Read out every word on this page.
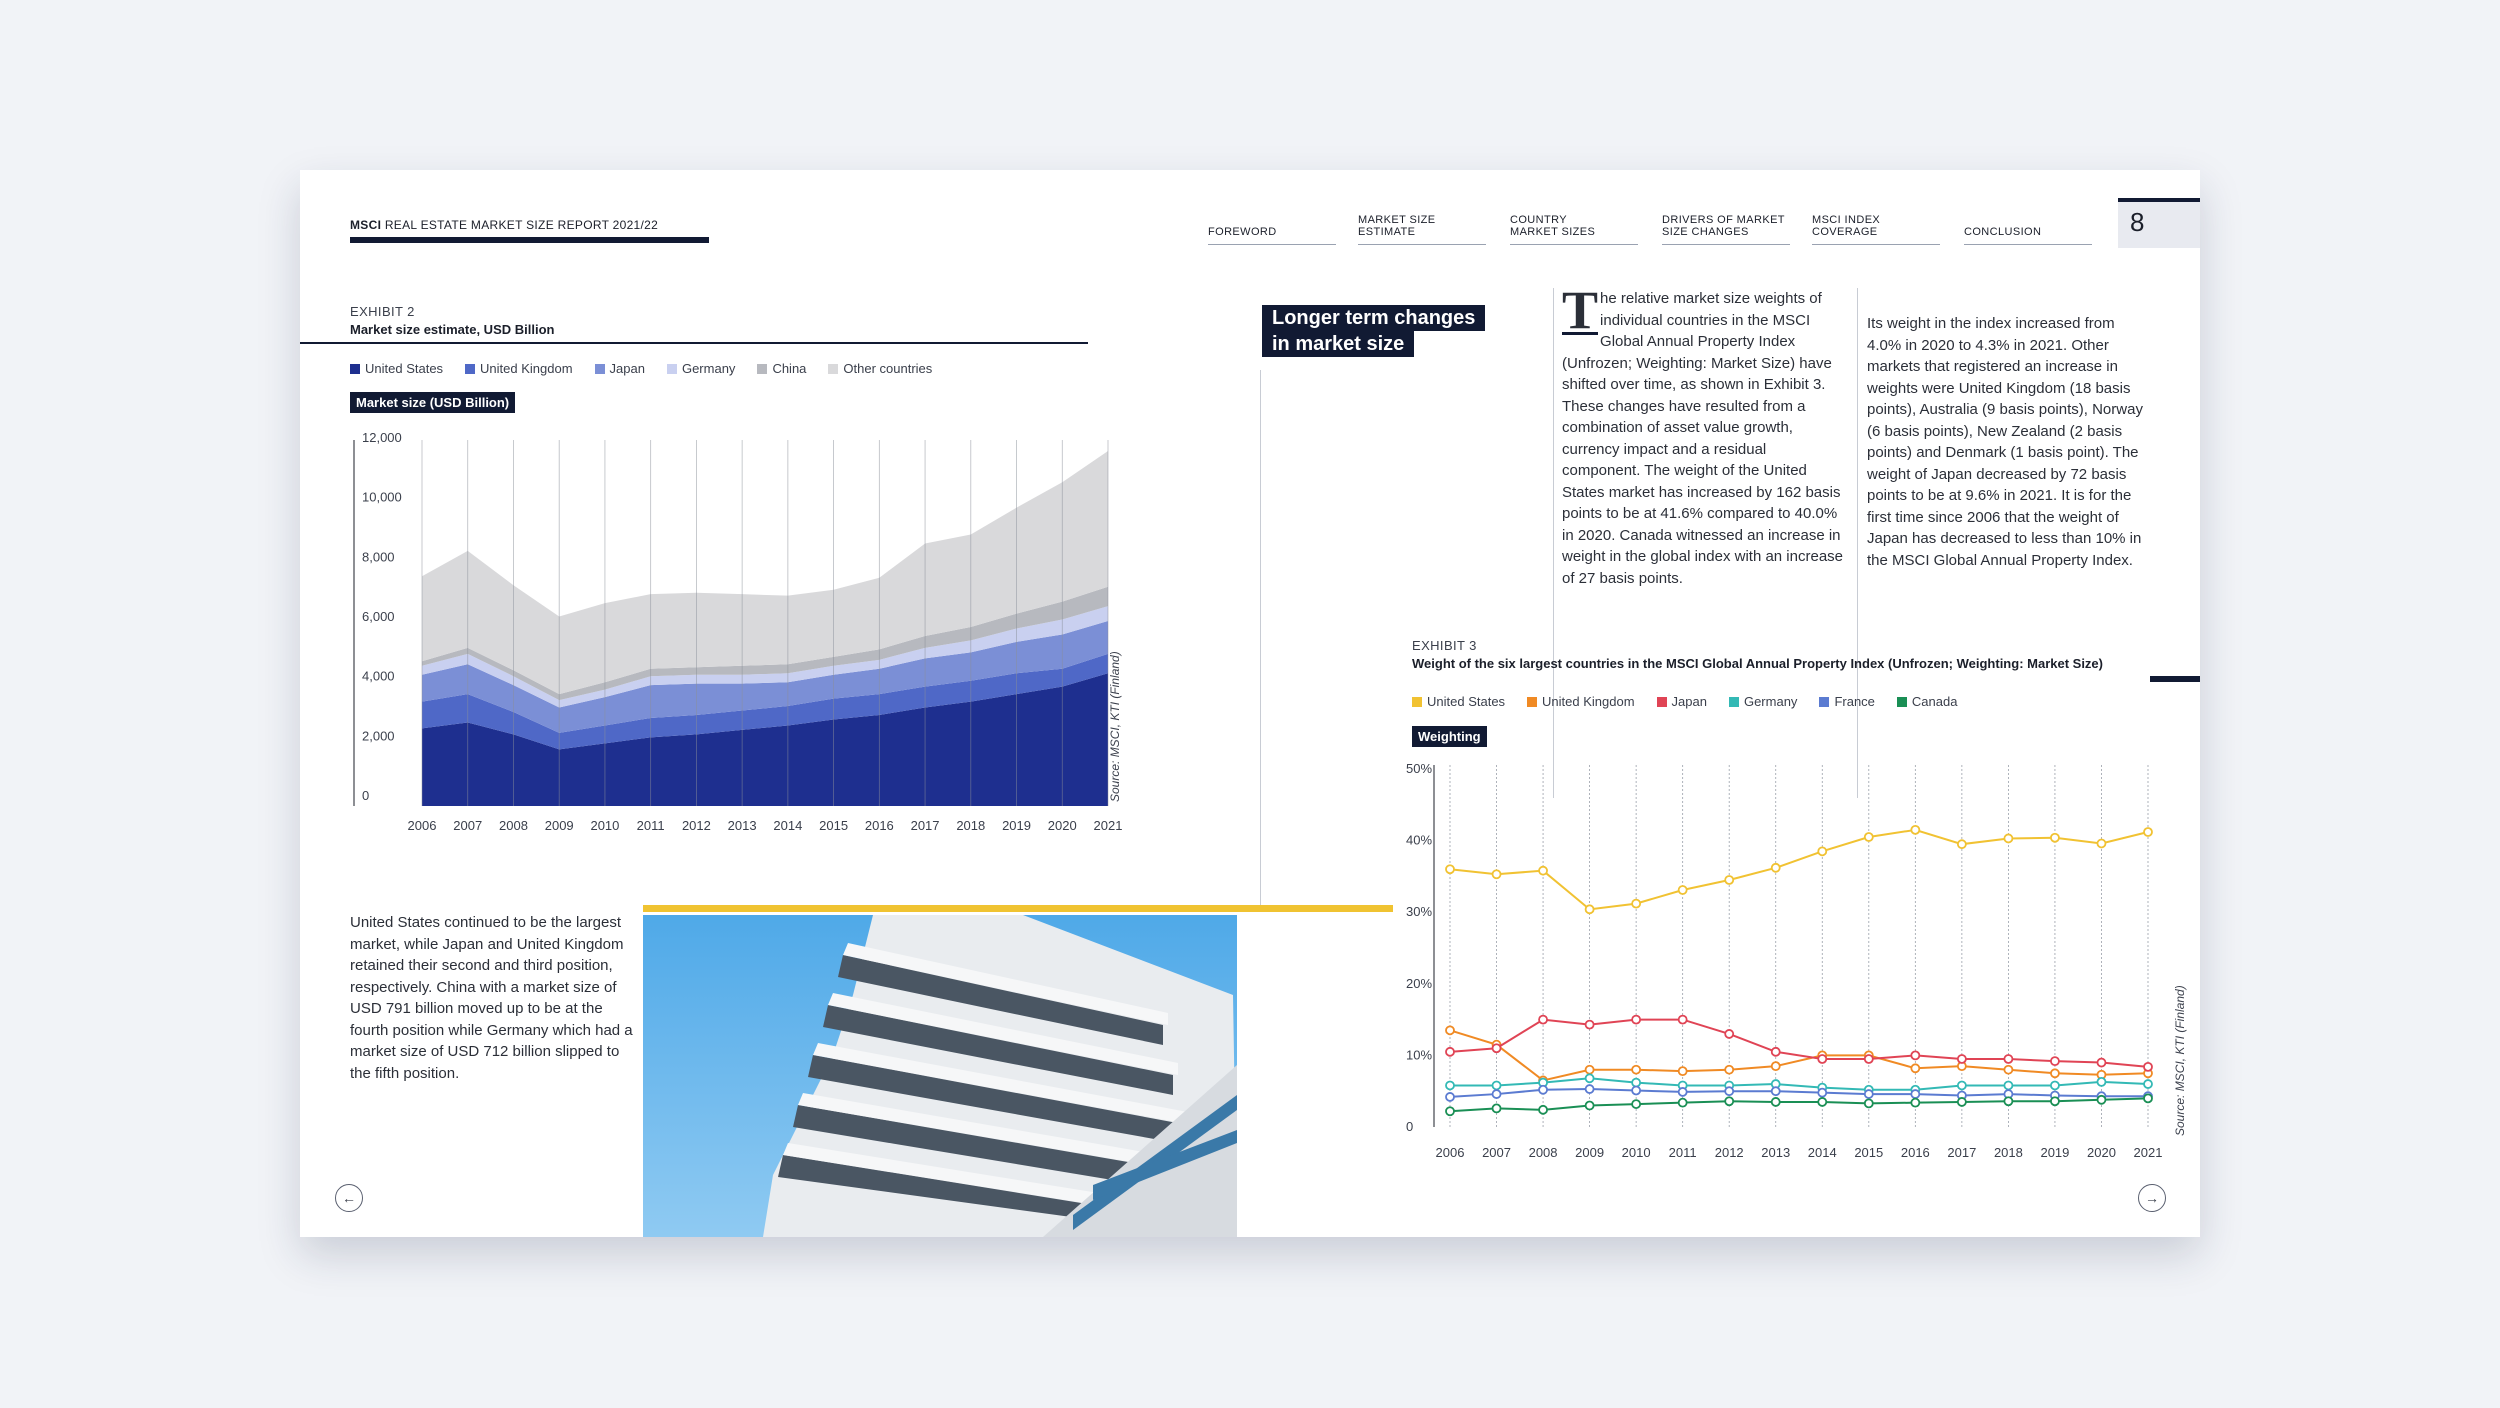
MSCI REAL ESTATE MARKET SIZE REPORT 2021/22	FOREWORD
MARKET SIZE
ESTIMATE
COUNTRY
MARKET SIZES
DRIVERS OF MARKET
SIZE CHANGES
MSCI INDEX
COVERAGE	CONCLUSION	8
EXHIBIT 2
Market size estimate, USD Billion
United States	United Kingdom	Japan	Germany	China	Other countries
Market size (USD Billion)
0
2,000
4,000
6,000
8,000
10,000
12,000
2006 2007 2008 2009 2010 2011 2012 2013 2014 2015 2016 2017 2018 2019 2020 2021
Source: MSCI, KTI (Finland)
Longer term changes
in market size
T he relative market size weights of individual countries in the MSCI Global Annual Property Index (Unfrozen; Weighting: Market Size) have shifted over time, as shown in Exhibit 3. These changes have resulted from a combination of asset value growth, currency impact and a residual component. The weight of the United States market has increased by 162 basis points to be at 41.6% compared to 40.0% in 2020. Canada witnessed an increase in weight in the global index with an increase of 27 basis points.
Its weight in the index increased from 4.0% in 2020 to 4.3% in 2021. Other markets that registered an increase in weights were United Kingdom (18 basis points), Australia (9 basis points), Norway (6 basis points), New Zealand (2 basis points) and Denmark (1 basis point). The weight of Japan decreased by 72 basis points to be at 9.6% in 2021. It is for the first time since 2006 that the weight of Japan has decreased to less than 10% in the MSCI Global Annual Property Index.
EXHIBIT 3
Weight of the six largest countries in the MSCI Global Annual Property Index (Unfrozen; Weighting: Market Size)
United States	United Kingdom	Japan	Germany	France	Canada
Weighting
0
10%
20%
30%
40%
50%
2006 2007 2008 2009 2010 2011 2012 2013 2014 2015 2016 2017 2018 2019 2020 2021
Source: MSCI, KTI (Finland)
United States continued to be the largest market, while Japan and United Kingdom retained their second and third position, respectively. China with a market size of USD 791 billion moved up to be at the fourth position while Germany which had a market size of USD 712 billion slipped to the fifth position.
←	→
